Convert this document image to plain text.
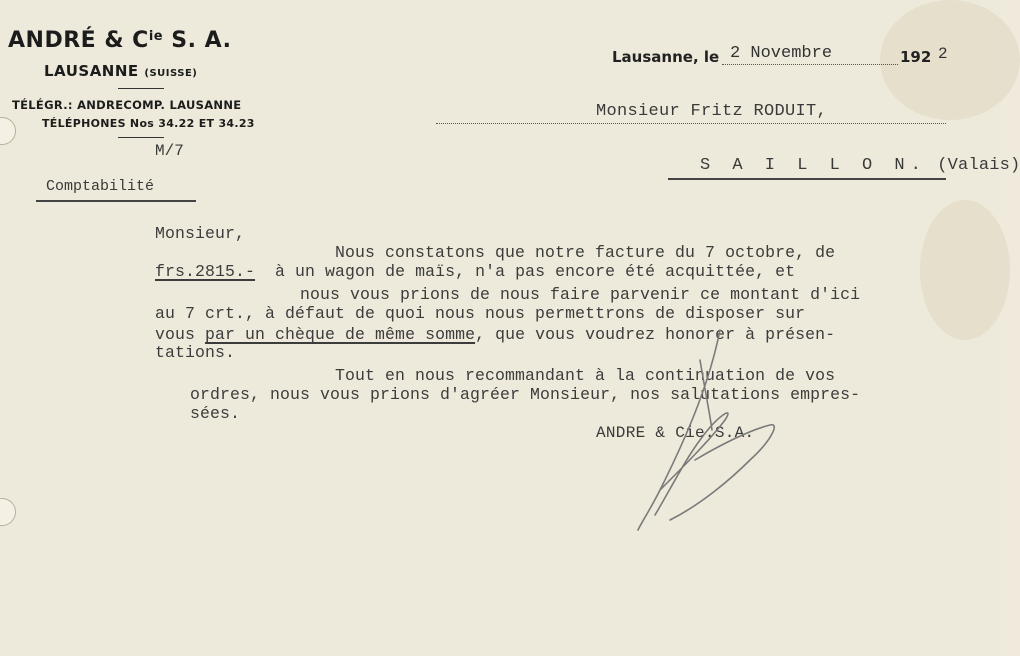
ANDRÉ & $C^{ie}$ S. A.
LAUSANNE (SUISSE)
TÉLÉGR.: ANDRECOMP. LAUSANNE
TÉLÉPHONES Nos 34.22 ET 34.23
M/7
Comptabilité
Lausanne, le 2 Novembre	192 2
Monsieur Fritz RODUIT,
S A I L L O N. (Valais)
Monsieur,
Nous constatons que notre facture du 7 octobre, de
frs.2815.- à un wagon de maïs, n'a pas encore été acquittée, et
nous vous prions de nous faire parvenir ce montant d'ici
au 7 crt., à défaut de quoi nous nous permettrons de disposer sur
vous par un chèque de même somme, que vous voudrez honorer à présen-
tations.
Tout en nous recommandant à la continuation de vos
ordres, nous vous prions d'agréer Monsieur, nos salutations empres-
sées.
ANDRE & Cie.S.A.
